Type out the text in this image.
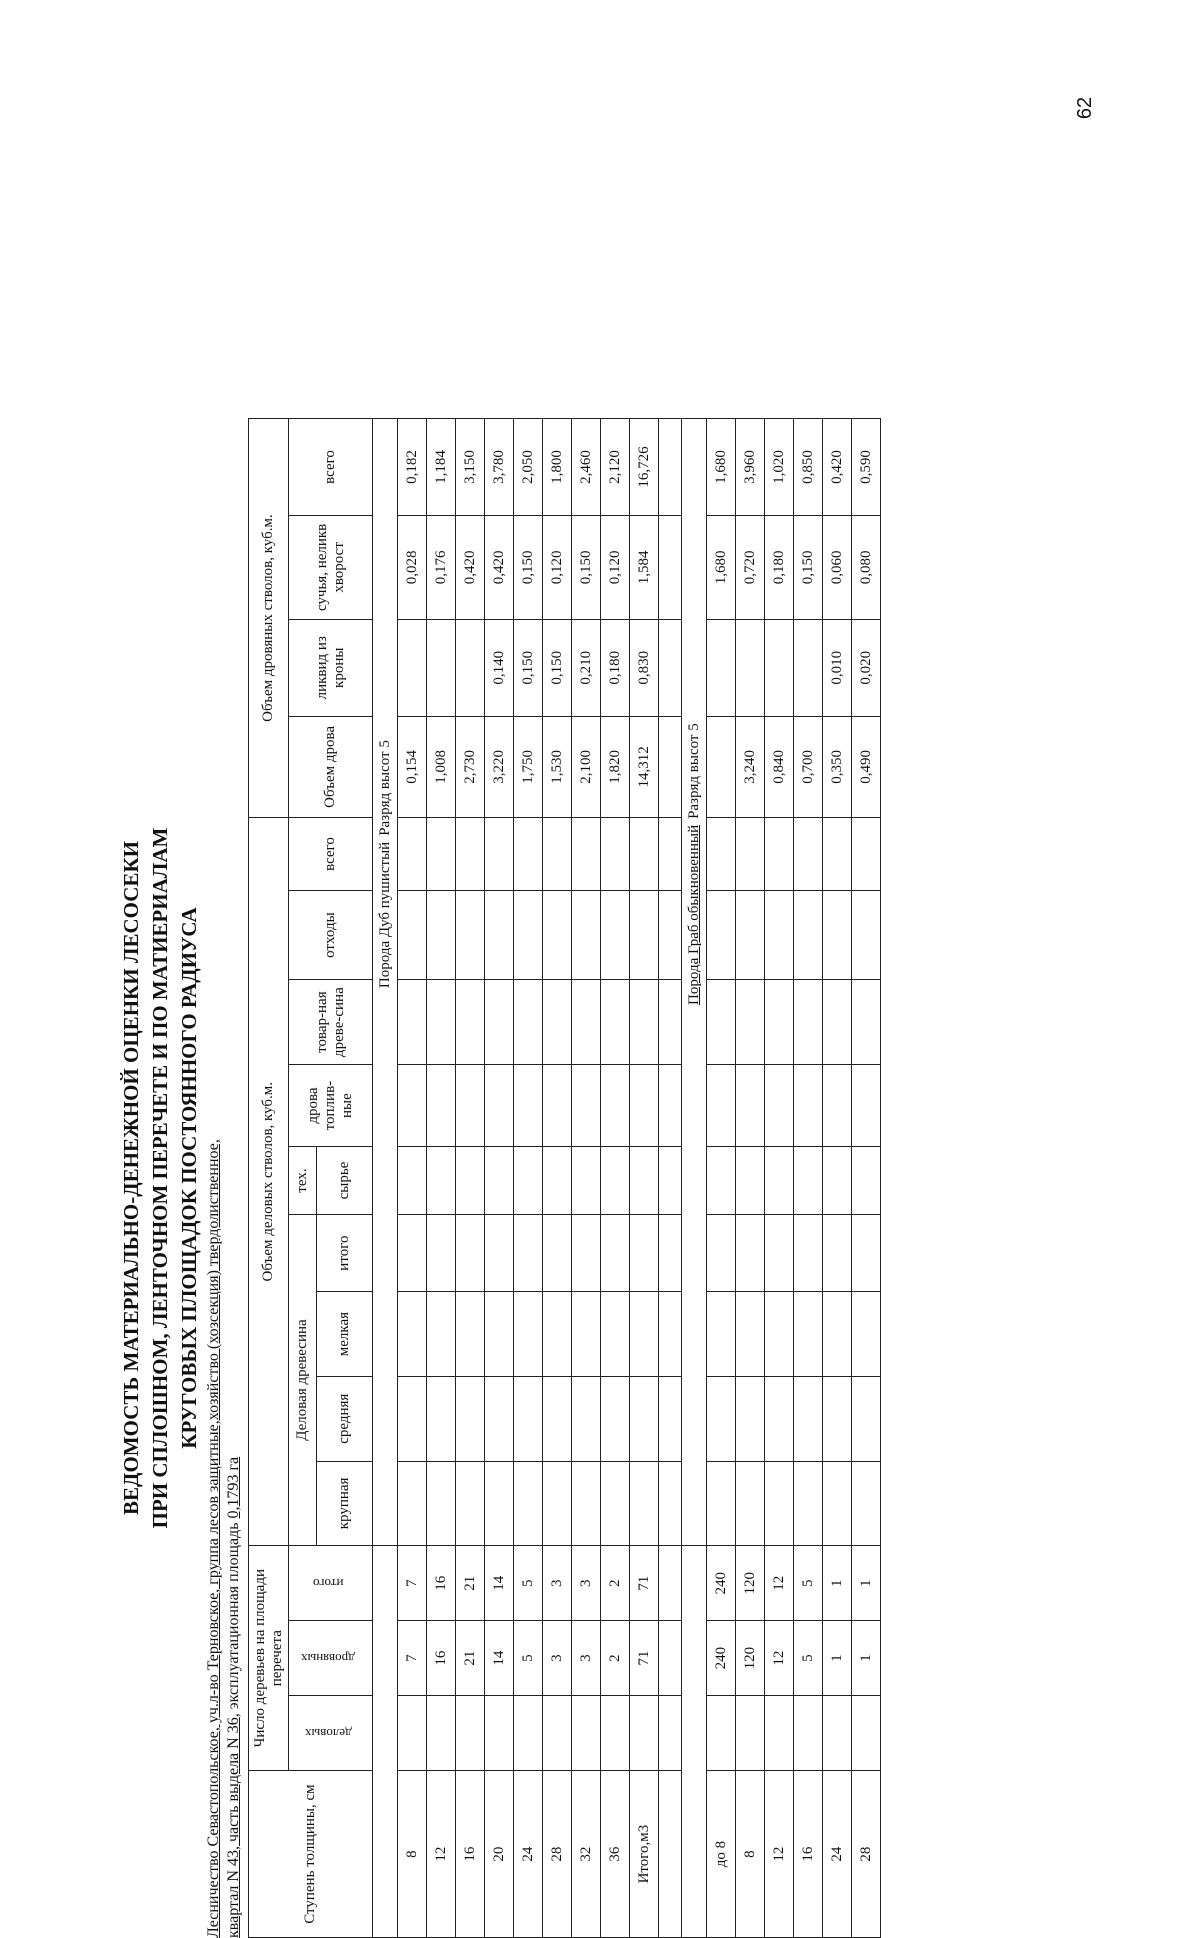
62
ВЕДОМОСТЬ МАТЕРИАЛЬНО-ДЕНЕЖНОЙ ОЦЕНКИ ЛЕСОСЕКИ ПРИ СПЛОШНОМ, ЛЕНТОЧНОМ ПЕРЕЧЕТЕ И ПО МАТИЕРИАЛАМ КРУГОВЫХ ПЛОЩАДОК ПОСТОЯННОГО РАДИУСА
Лесничество Севастопольское, уч.л-во Терновское, группа лесов защитные,хозяйство (хозсекция) твердолиственное,
квартал N 43, часть выдела N 36, эксплуатационная площадь 0,1793 га
Ступень толщины, см	Число деревьев на площади перечета			Объем деловых стволов, куб.м.									Объем дровяных стволов, куб.м.			
	деловых	дровяных	итого	Деловая древесина				тех.	дрова топлив-ные	товар-ная древе-сина	отходы	всего	Объем дрова	ликвид из кроны	сучья, неликв хворост	всего
				крупная	средняя	мелкая	итого	сырье								

				Порода Дуб пушистыйРазряд высот 5												
8		7	7										0,154		0,028	0,182
12		16	16										1,008		0,176	1,184
16		21	21										2,730		0,420	3,150
20		14	14										3,220	0,140	0,420	3,780
24		5	5										1,750	0,150	0,150	2,050
28		3	3										1,530	0,150	0,120	1,800
32		3	3										2,100	0,210	0,150	2,460
36		2	2										1,820	0,180	0,120	2,120
Итого,м3		71	71										14,312	0,830	1,584	16,726

				Порода Граб обыкновенныйРазряд высот 5												
до 8		240	240												1,680	1,680
8		120	120										3,240		0,720	3,960
12		12	12										0,840		0,180	1,020
16		5	5										0,700		0,150	0,850
24		1	1										0,350	0,010	0,060	0,420
28		1	1										0,490	0,020	0,080	0,590
